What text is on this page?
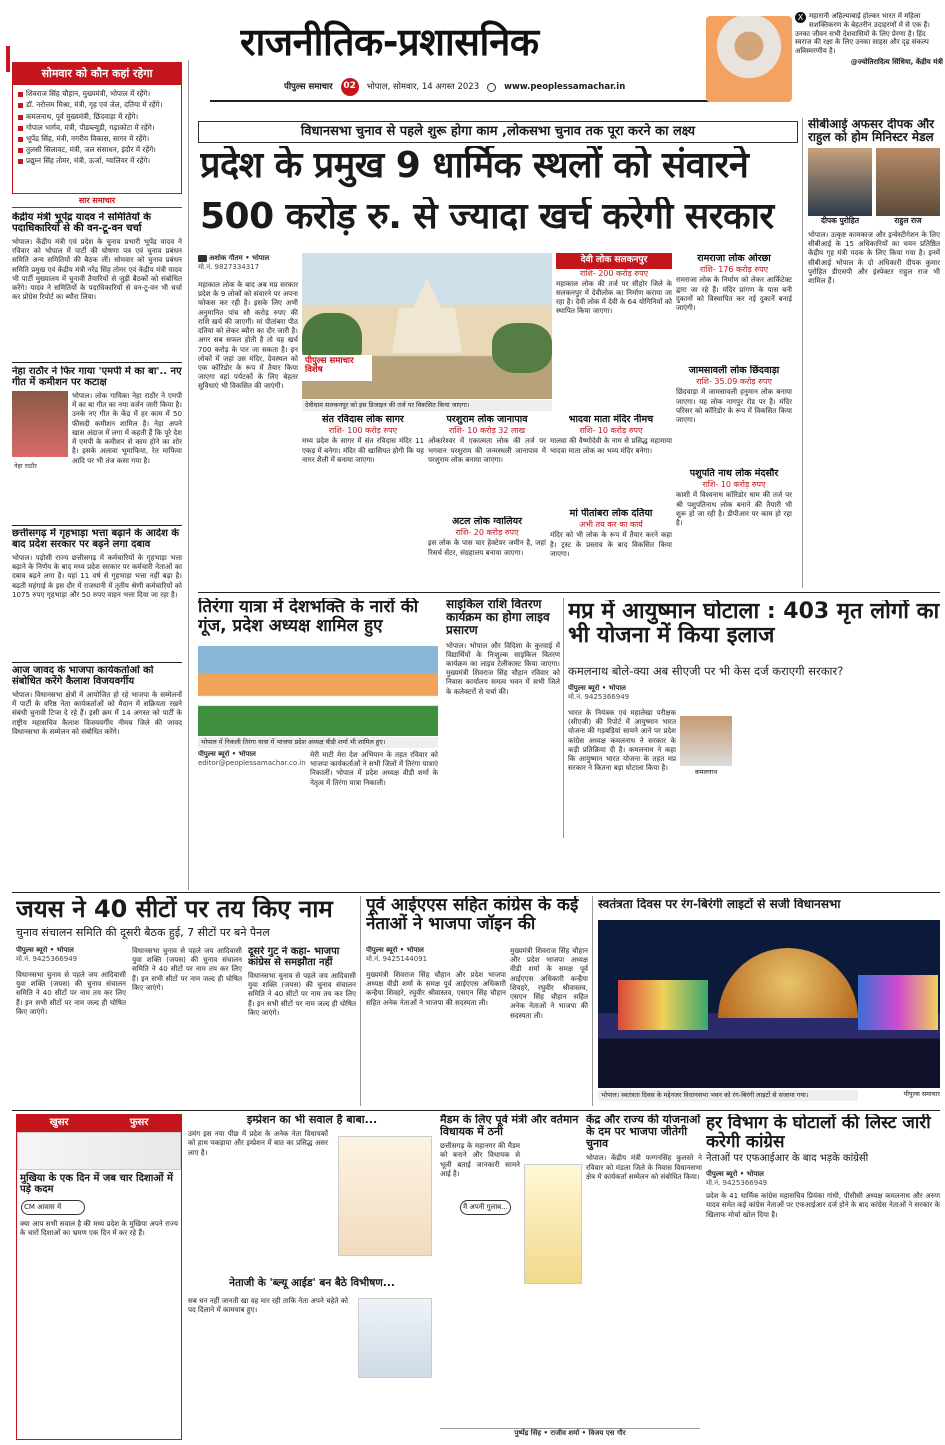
राजनीतिक-प्रशासनिक
पीपुल्स समाचार	02	भोपाल, सोमवार, 14 अगस्त 2023	www.peoplessamachar.in
X महारानी अहिल्याबाई होल्कर भारत में महिला सशक्तिकरण के बेहतरीन उदाहरणों में से एक हैं। उनका जीवन सभी देशवासियों के लिए प्रेरणा है। हिंद स्वराज की रक्षा के लिए उनका साहस और दृढ़ संकल्प अविस्मरणीय है।
@ज्योतिरादित्य सिंधिया, केंद्रीय मंत्री
सोमवार को कौन कहां रहेगा
शिवराज सिंह चौहान, मुख्यमंत्री, भोपाल में रहेंगे।
डॉ. नरोत्तम मिश्रा, मंत्री, गृह एवं जेल, दतिया में रहेंगे।
कमलनाथ, पूर्व मुख्यमंत्री, छिंदवाड़ा में रहेंगे।
गोपाल भार्गव, मंत्री, पीडब्ल्यूडी, गढ़ाकोटा में रहेंगे।
भूपेंद्र सिंह, मंत्री, नगरीय विकास, सागर में रहेंगे।
तुलसी सिलावट, मंत्री, जल संसाधन, इंदौर में रहेंगे।
प्रद्युम्न सिंह तोमर, मंत्री, ऊर्जा, ग्वालियर में रहेंगे।
सार समाचार
केंद्रीय मंत्री भूपेंद्र यादव ने समितियों के पदाधिकारियों से की वन-टू-वन चर्चा
भोपाल। केंद्रीय मंत्री एवं प्रदेश के चुनाव प्रभारी भूपेंद्र यादव ने रविवार को भोपाल में पार्टी की घोषणा पत्र एवं चुनाव प्रबंधन समिति अन्य समितियों की बैठक लीं। सोमवार को चुनाव प्रबंधन समिति प्रमुख एवं केंद्रीय मंत्री नरेंद्र सिंह तोमर एवं केंद्रीय मंत्री यादव भी पार्टी मुख्यालय में चुनावी तैयारियों से जुड़ी बैठकों को संबोधित करेंगे। यादव ने समितियों के पदाधिकारियों से वन-टू-वन भी चर्चा कर प्रोग्रेस रिपोर्ट का ब्यौरा लिया।
नेहा राठौर ने फिर गाया 'एमपी में का बा'.. नए गीत में कमीशन पर कटाक्ष
भोपाल। लोक गायिका नेहा राठौर ने एमपी में का बा गीत का नया वर्जन जारी किया है। उनके नए गीत के केंद्र में हर काम में 50 फीसदी कमीशन शामिल है। नेहा अपने खास अंदाज में लगा में कहती हैं कि पूरे देश में एमपी के कमीशन से काम होने का शोर है। इसके अलावा भूमाफिया, रेत माफिया आदि पर भी तंज कसा गया है।
नेहा राठौर
छत्तीसगढ़ में गृहभाड़ा भत्ता बढ़ाने के आदेश के बाद प्रदेश सरकार पर बढ़ने लगा दबाव
भोपाल। पड़ोसी राज्य छत्तीसगढ़ में कर्मचारियों के गृहभाड़ा भत्ता बढ़ाने के निर्णय के बाद मध्य प्रदेश सरकार पर कर्मचारी नेताओं का दबाव बढ़ने लगा है। यहां 11 वर्ष से गृहभाड़ा भत्ता नहीं बढ़ा है। बढ़ती महंगाई के इस दौर में राजधानी में तृतीय श्रेणी कर्मचारियों को 1075 रुपए गृहभाड़ा और 50 रुपए वाहन भत्ता दिया जा रहा है।
आज जावद के भाजपा कार्यकर्ताओं को संबोधित करेंगे कैलाश विजयवर्गीय
भोपाल। विधानसभा क्षेत्रों में आयोजित हो रहे भाजपा के सम्मेलनों में पार्टी के वरिष्ठ नेता कार्यकर्ताओं को मैदान में सक्रियता रखने संबंधी चुनावी टिप्स दे रहे हैं। इसी क्रम में 14 अगस्त को पार्टी के राष्ट्रीय महासचिव कैलाश विजयवर्गीय नीमच जिले की जावद विधानसभा के सम्मेलन को संबोधित करेंगे।
विधानसभा चुनाव से पहले शुरू होगा काम ,लोकसभा चुनाव तक पूरा करने का लक्ष्य
प्रदेश के प्रमुख 9 धार्मिक स्थलों को संवारने
500 करोड़ रु. से ज्यादा खर्च करेगी सरकार
अशोक गौतम • भोपाल
मो.नं. 9827334317
महाकाल लोक के बाद अब मप्र सरकार प्रदेश के 9 लोकों को संवारने पर अपना फोकस कर रही है। इसके लिए अभी अनुमानित पांच सौ करोड़ रुपए की राशि खर्च की जाएगी। मां पीतांबरा पीठ दतिया को लेकर ब्यौरा का दौर जारी है। अगर सब सफल होती है तो यह खर्च 700 करोड़ के पार जा सकता है। इन लोकों में जहां उस मंदिर, देवस्थल को एक कॉरिडोर के रूप में तैयार किया जाएगा वहां पर्यटकों के लिए बेहतर सुविधाएं भी विकसित की जाएंगी।
पीपुल्स समाचार विशेष
देवीधाम सलकनपुर को इस डिजाइन की तर्ज पर विकसित किया जाएगा।
देवी लोक सलकनपुर
राशि- 200 करोड़ रुपए
महाकाल लोक की तर्ज पर सीहोर जिले के सलकनपुर में देवीलोक का निर्माण कराया जा रहा है। देवी लोक में देवी के 64 योगिनियों को स्थापित किया जाएगा।
रामराजा लोक ओरछा
राशि- 176 करोड़ रुपए
रामराजा लोक के निर्माण को लेकर आर्किटेक्ट द्वारा जा रहे हैं। मंदिर प्रांगण के पास बनी दुकानों को विस्थापित कर नई दुकानें बनाई जाएंगी।
जामसावली लोक छिंदवाड़ा
राशि- 35.09 करोड़ रुपए
छिंदवाड़ा में जामसावली हनुमान लोक बनाया जाएगा। यह लोक नागपुर रोड पर है। मंदिर परिसर को कॉरिडोर के रूप में विकसित किया जाएगा।
पशुपति नाथ लोक मंदसौर
राशि- 10 करोड़ रुपए
काशी में विश्वनाथ कॉरिडोर धाम की तर्ज पर श्री पशुपतिनाथ लोक बनाने की तैयारी भी शुरू हो जा रही है। डीपीआर पर काम हो रहा है।
संत रविदास लोक सागर
राशि- 100 करोड़ रुपए
मध्य प्रदेश के सागर में संत रविदास मंदिर 11 एकड़ में बनेगा। मंदिर की खासियत होगी कि यह नागर शैली में बनाया जाएगा।
परशुराम लोक जानापाव
राशि- 10 करोड़ 32 लाख
ओंकारेश्वर में एकात्मता लोक की तर्ज पर भगवान परशुराम की जन्मस्थली जानापाव में परशुराम लोक बनाया जाएगा।
अटल लोक ग्वालियर
राशि- 20 करोड़ रुपए
इस लोक के पास चार हेक्टेयर जमीन है, जहां रिसर्च सेंटर, संग्रहालय बनाया जाएगा।
भादवा माता मंदिर नीमच
राशि- 10 करोड़ रुपए
मालवा की वैष्णोदेवी के नाम से प्रसिद्ध महामाया भादवा माता लोक का भव्य मंदिर बनेगा।
मां पीतांबरा लोक दतिया
अभी तय कर का कार्य
मंदिर को भी लोक के रूप में तैयार करने कहा है। ट्रस्ट के प्रस्ताव के बाद विकसित किया जाएगा।
सीबीआई अफसर दीपक और राहुल को होम मिनिस्टर मेडल
दीपक पुरोहित	राहुल राज
भोपाल। उत्कृष्ट कामकाज और इन्वेस्टीगेशन के लिए सीबीआई के 15 अधिकारियों का चयन प्रतिष्ठित केंद्रीय गृह मंत्री पदक के लिए किया गया है। इनमें सीबीआई भोपाल के दो अधिकारी दीपक कुमार पुरोहित डीएसपी और इंस्पेक्टर राहुल राज भी शामिल हैं।
तिरंगा यात्रा में देशभक्ति के नारों की गूंज, प्रदेश अध्यक्ष शामिल हुए
भोपाल में निकली तिरंगा यात्रा में भाजपा प्रदेश अध्यक्ष वीडी शर्मा भी शामिल हुए।
पीपुल्स ब्यूरो • भोपाल
editor@peoplessamachar.co.in
मेरी माटी मेरा देश अभियान के तहत रविवार को भाजपा कार्यकर्ताओं ने सभी जिलों में तिरंगा यात्राएं निकालीं। भोपाल में प्रदेश अध्यक्ष वीडी शर्मा के नेतृत्व में तिरंगा यात्रा निकाली।
साइकिल राशि वितरण कार्यक्रम का होगा लाइव प्रसारण
भोपाल। भोपाल और विदिशा के कुरवाई में विद्यार्थियों के निःशुल्क साइकिल वितरण कार्यक्रम का लाइव टेलीकास्ट किया जाएगा। मुख्यमंत्री शिवराज सिंह चौहान रविवार को निवास कार्यालय समत्व भवन में सभी जिले के कलेक्टरों से चर्चा की।
मप्र में आयुष्मान घोटाला : 403 मृत लोगों का भी योजना में किया इलाज
कमलनाथ बोले-क्या अब सीएजी पर भी केस दर्ज कराएगी सरकार?
पीपुल्स ब्यूरो • भोपाल
मो.नं. 9425366949
भारत के नियंत्रक एवं महालेखा परीक्षक (सीएजी) की रिपोर्ट में आयुष्मान भारत योजना की गड़बड़ियां सामने आने पर प्रदेश कांग्रेस अध्यक्ष कमलनाथ ने सरकार के कड़ी प्रतिक्रिया दी है। कमलनाथ ने कहा कि आयुष्मान भारत योजना के तहत मप्र सरकार ने कितना बड़ा घोटाला किया है।	कमलनाथ
जयस ने 40 सीटों पर तय किए नाम
चुनाव संचालन समिति की दूसरी बैठक हुई, 7 सीटों पर बने पैनल
पीपुल्स ब्यूरो • भोपाल
मो.नं. 9425366949
विधानसभा चुनाव से पहले जय आदिवासी युवा शक्ति (जयस) की चुनाव संचालन समिति ने 40 सीटों पर नाम तय कर लिए हैं। इन सभी सीटों पर नाम जल्द ही घोषित किए जाएंगे।
विधानसभा चुनाव से पहले जय आदिवासी युवा शक्ति (जयस) की चुनाव संचालन समिति ने 40 सीटों पर नाम तय कर लिए हैं। इन सभी सीटों पर नाम जल्द ही घोषित किए जाएंगे।
दूसरे गुट ने कहा- भाजपा कांग्रेस से समझौता नहीं
विधानसभा चुनाव से पहले जय आदिवासी युवा शक्ति (जयस) की चुनाव संचालन समिति ने 40 सीटों पर नाम तय कर लिए हैं। इन सभी सीटों पर नाम जल्द ही घोषित किए जाएंगे।
पूर्व आईएएस सहित कांग्रेस के कई नेताओं ने भाजपा जॉइन की
पीपुल्स ब्यूरो • भोपाल
मो.नं. 9425144091
मुख्यमंत्री शिवराज सिंह चौहान और प्रदेश भाजपा अध्यक्ष वीडी शर्मा के समक्ष पूर्व आईएएस अधिकारी कन्हैया शिवहरे, रघुवीर श्रीवास्तव, एसएन सिंह चौहान सहित अनेक नेताओं ने भाजपा की सदस्यता ली।
मुख्यमंत्री शिवराज सिंह चौहान और प्रदेश भाजपा अध्यक्ष वीडी शर्मा के समक्ष पूर्व आईएएस अधिकारी कन्हैया शिवहरे, रघुवीर श्रीवास्तव, एसएन सिंह चौहान सहित अनेक नेताओं ने भाजपा की सदस्यता ली।
स्वतंत्रता दिवस पर रंग-बिरंगी लाइटों से सजी विधानसभा
भोपाल। स्वतंत्रता दिवस के मद्देनजर विधानसभा भवन को रंग-बिरंगी लाइटों से सजाया गया।	पीपुल्स समाचार
खुसर	फुसर
मुखिया के एक दिन में जब चार दिशाओं में पड़े कदम
CM आवास में
क्या आप सभी सवाल है की मध्य प्रदेश के मुखिया अपने राज्य के चारों दिशाओं का भ्रमण एक दिन में कर रहे हैं।
इम्प्रेशन का भी सवाल है बाबा...
उमंग इस नया पीछ में प्रदेश के अनेक नेता विधायकों को हाथ पकड़ाया और इम्प्रेशन में बात का प्रसिद्ध असर लाए है।
नेताजी के 'ब्ल्यू आईड' बन बैठे विभीषण...
सब धन नहीं जानती खा वह मार रही ताकि नेता अपने चहेते को पद दिलाने में कामयाब हुए।
मैडम के लिए पूर्व मंत्री और वर्तमान विधायक में ठनी
छत्तीसगढ़ के महानगर की मैडम को बनाने और विधायक से भूली बताई जानकारी सामने आई है।
मैं अपनी गुलाब...
केंद्र और राज्य की योजनाओं के दम पर भाजपा जीतेगी चुनाव
भोपाल। केंद्रीय मंत्री फग्गनसिंह कुलस्ते ने रविवार को मंडला जिले के निवास विधानसभा क्षेत्र में कार्यकर्ता सम्मेलन को संबोधित किया।
हर विभाग के घोटालों की लिस्ट जारी करेगी कांग्रेस
नेताओं पर एफआईआर के बाद भड़के कांग्रेसी
पीपुल्स ब्यूरो • भोपाल
मो.नं. 9425366949
प्रदेश के 41 धार्मिक कांग्रेस महासचिव प्रियंका गांधी, पीसीसी अध्यक्ष कमलनाथ और अरुण यादव समेत कई कांग्रेस नेताओं पर एफआईआर दर्ज होने के बाद कांग्रेस नेताओं ने सरकार के खिलाफ मोर्चा खोल दिया है।
पुष्पेंद्र सिंह • राजीव शर्मा • विजय एस गौर
